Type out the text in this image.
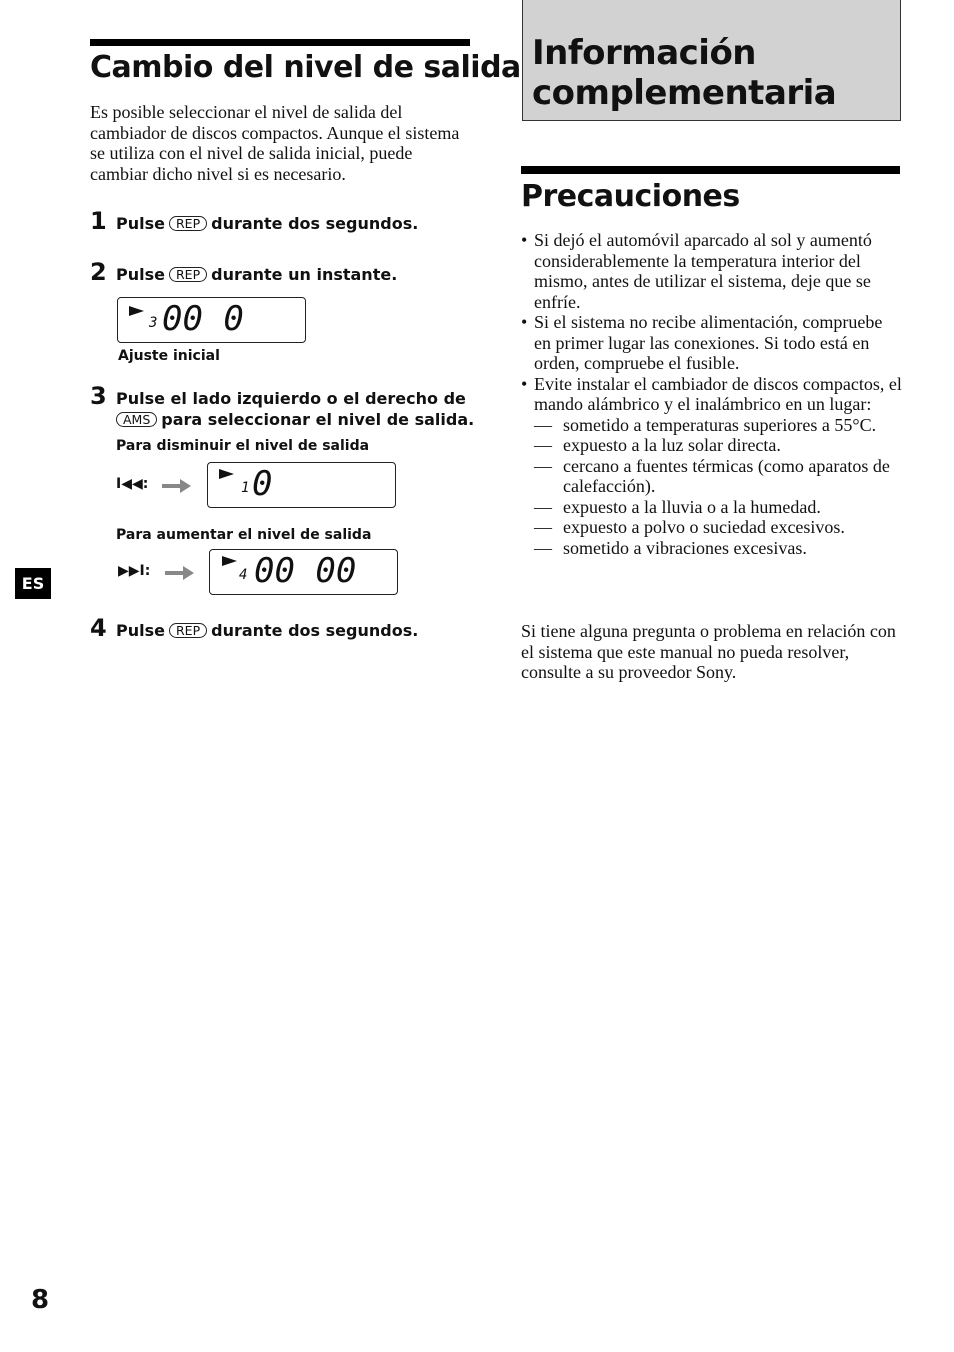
Cambio del nivel de salida

Es posible seleccionar el nivel de salida del cambiador de discos compactos. Aunque el sistema se utiliza con el nivel de salida inicial, puede cambiar dicho nivel si es necesario.

1 Pulse REP durante dos segundos.
2 Pulse REP durante un instante.
3 00 0
Ajuste inicial
3 Pulse el lado izquierdo o el derecho de
AMS para seleccionar el nivel de salida.
Para disminuir el nivel de salida
I◀◀:	1 0
Para aumentar el nivel de salida
▶▶I:	4 00 00
4 Pulse REP durante dos segundos.
ES
8
Información complementaria
Precauciones
• Si dejó el automóvil aparcado al sol y aumentó considerablemente la temperatura interior del mismo, antes de utilizar el sistema, deje que se enfríe.
• Si el sistema no recibe alimentación, compruebe en primer lugar las conexiones. Si todo está en orden, compruebe el fusible.
• Evite instalar el cambiador de discos compactos, el mando alámbrico y el inalámbrico en un lugar:
— sometido a temperaturas superiores a 55°C.
— expuesto a la luz solar directa.
— cercano a fuentes térmicas (como aparatos de calefacción).
— expuesto a la lluvia o a la humedad.
— expuesto a polvo o suciedad excesivos.
— sometido a vibraciones excesivas.

Si tiene alguna pregunta o problema en relación con el sistema que este manual no pueda resolver, consulte a su proveedor Sony.
